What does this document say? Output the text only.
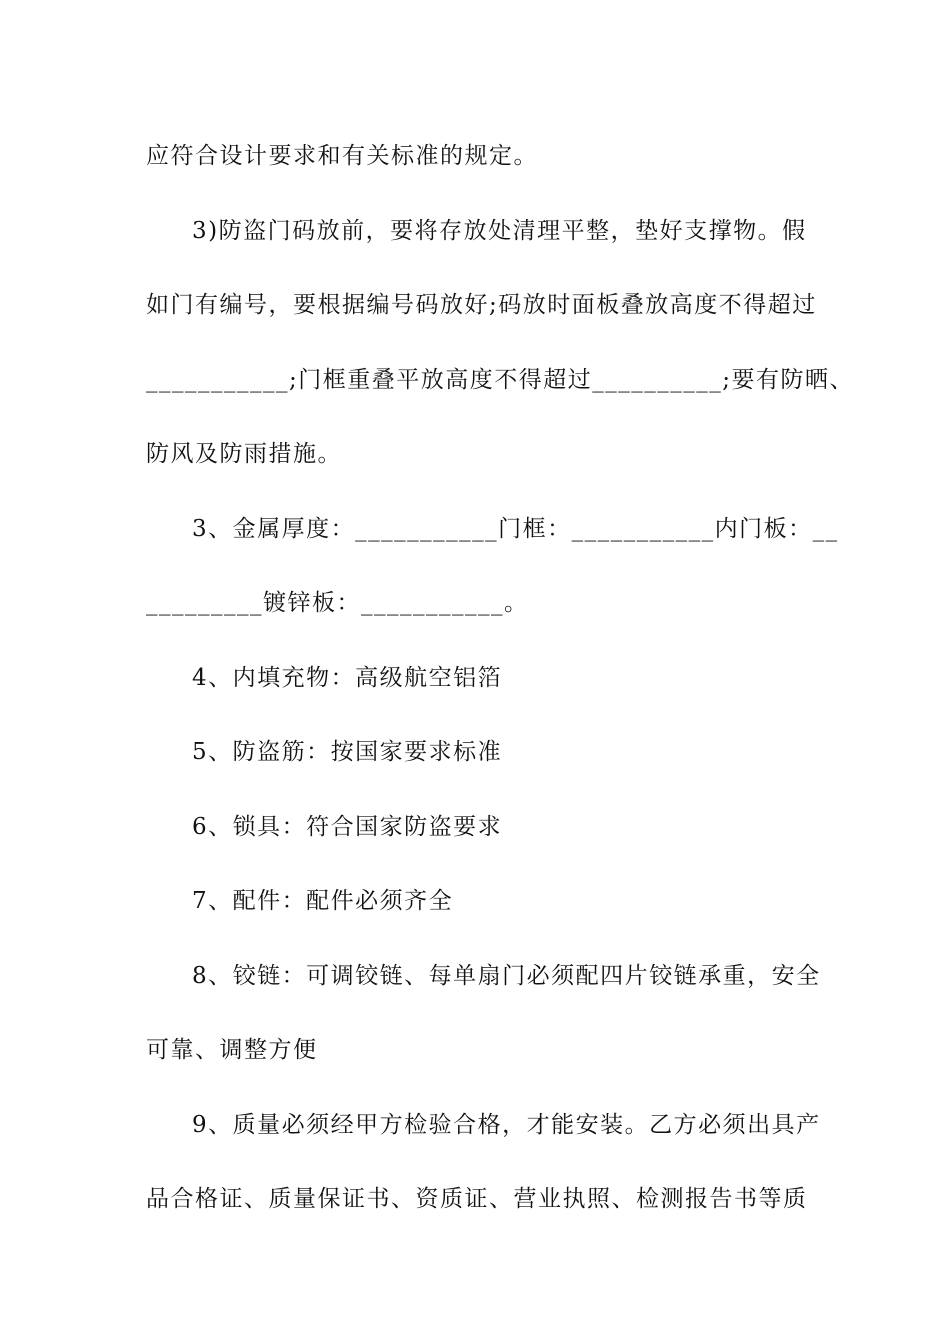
应符合设计要求和有关标准的规定。

3)防盗门码放前，要将存放处清理平整，垫好支撑物。假
如门有编号，要根据编号码放好;码放时面板叠放高度不得超过
___________;门框重叠平放高度不得超过__________;要有防晒、
防风及防雨措施。

3、金属厚度：___________门框：___________内门板：__
_________镀锌板：___________。

4、内填充物：高级航空铝箔

5、防盗筋：按国家要求标准

6、锁具：符合国家防盗要求

7、配件：配件必须齐全

8、铰链：可调铰链、每单扇门必须配四片铰链承重，安全
可靠、调整方便

9、质量必须经甲方检验合格，才能安装。乙方必须出具产
品合格证、质量保证书、资质证、营业执照、检测报告书等质
